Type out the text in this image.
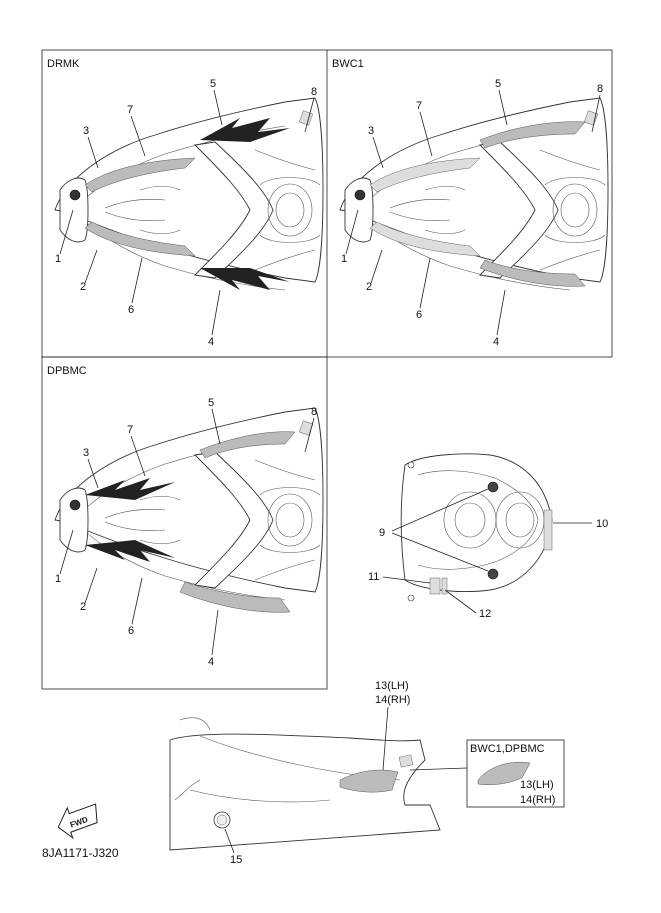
DRMK
1
2
3
4
5
6
7
8
BWC1
1
2
3
4
5
6
7
8
DPBMC
1
2
3
4
5
6
7
8
9
10
11
12
13(LH)
14(RH)
15
BWC1,DPBMC
13(LH)
14(RH)
FWD
8JA1171-J320
